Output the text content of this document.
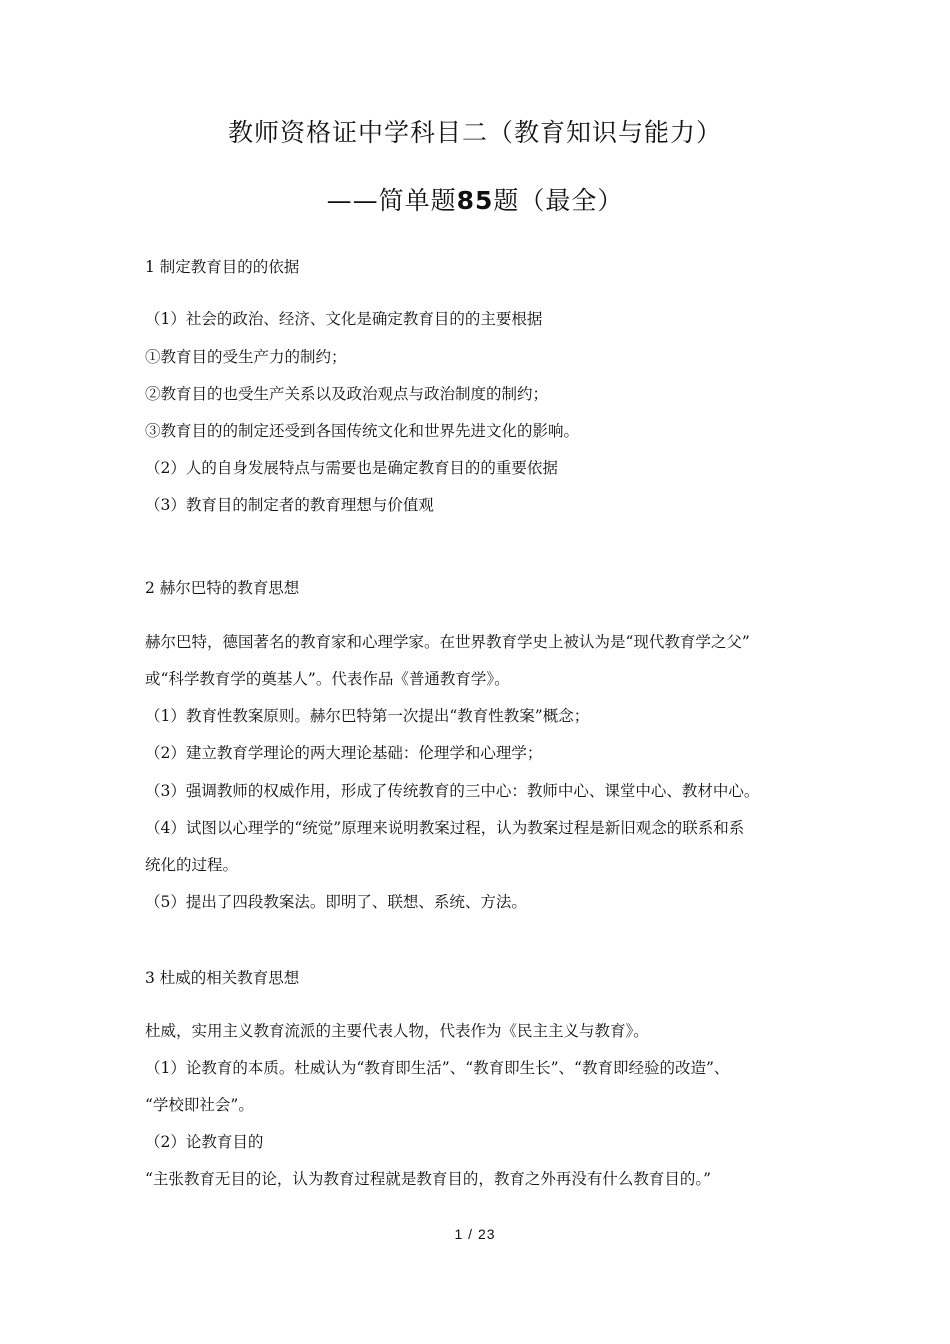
教师资格证中学科目二（教育知识与能力）
——简单题85题（最全）
1 制定教育目的的依据
（1）社会的政治、经济、文化是确定教育目的的主要根据
①教育目的受生产力的制约；
②教育目的也受生产关系以及政治观点与政治制度的制约；
③教育目的的制定还受到各国传统文化和世界先进文化的影响。
（2）人的自身发展特点与需要也是确定教育目的的重要依据
（3）教育目的制定者的教育理想与价值观
2 赫尔巴特的教育思想
赫尔巴特，德国著名的教育家和心理学家。在世界教育学史上被认为是“现代教育学之父”
或“科学教育学的奠基人”。代表作品《普通教育学》。
（1）教育性教案原则。赫尔巴特第一次提出“教育性教案”概念；
（2）建立教育学理论的两大理论基础：伦理学和心理学；
（3）强调教师的权威作用，形成了传统教育的三中心：教师中心、课堂中心、教材中心。
（4）试图以心理学的“统觉”原理来说明教案过程，认为教案过程是新旧观念的联系和系
统化的过程。
（5）提出了四段教案法。即明了、联想、系统、方法。
3 杜威的相关教育思想
杜威，实用主义教育流派的主要代表人物，代表作为《民主主义与教育》。
（1）论教育的本质。杜威认为“教育即生活”、“教育即生长”、“教育即经验的改造”、
“学校即社会”。
（2）论教育目的
“主张教育无目的论，认为教育过程就是教育目的，教育之外再没有什么教育目的。”
1 / 23
